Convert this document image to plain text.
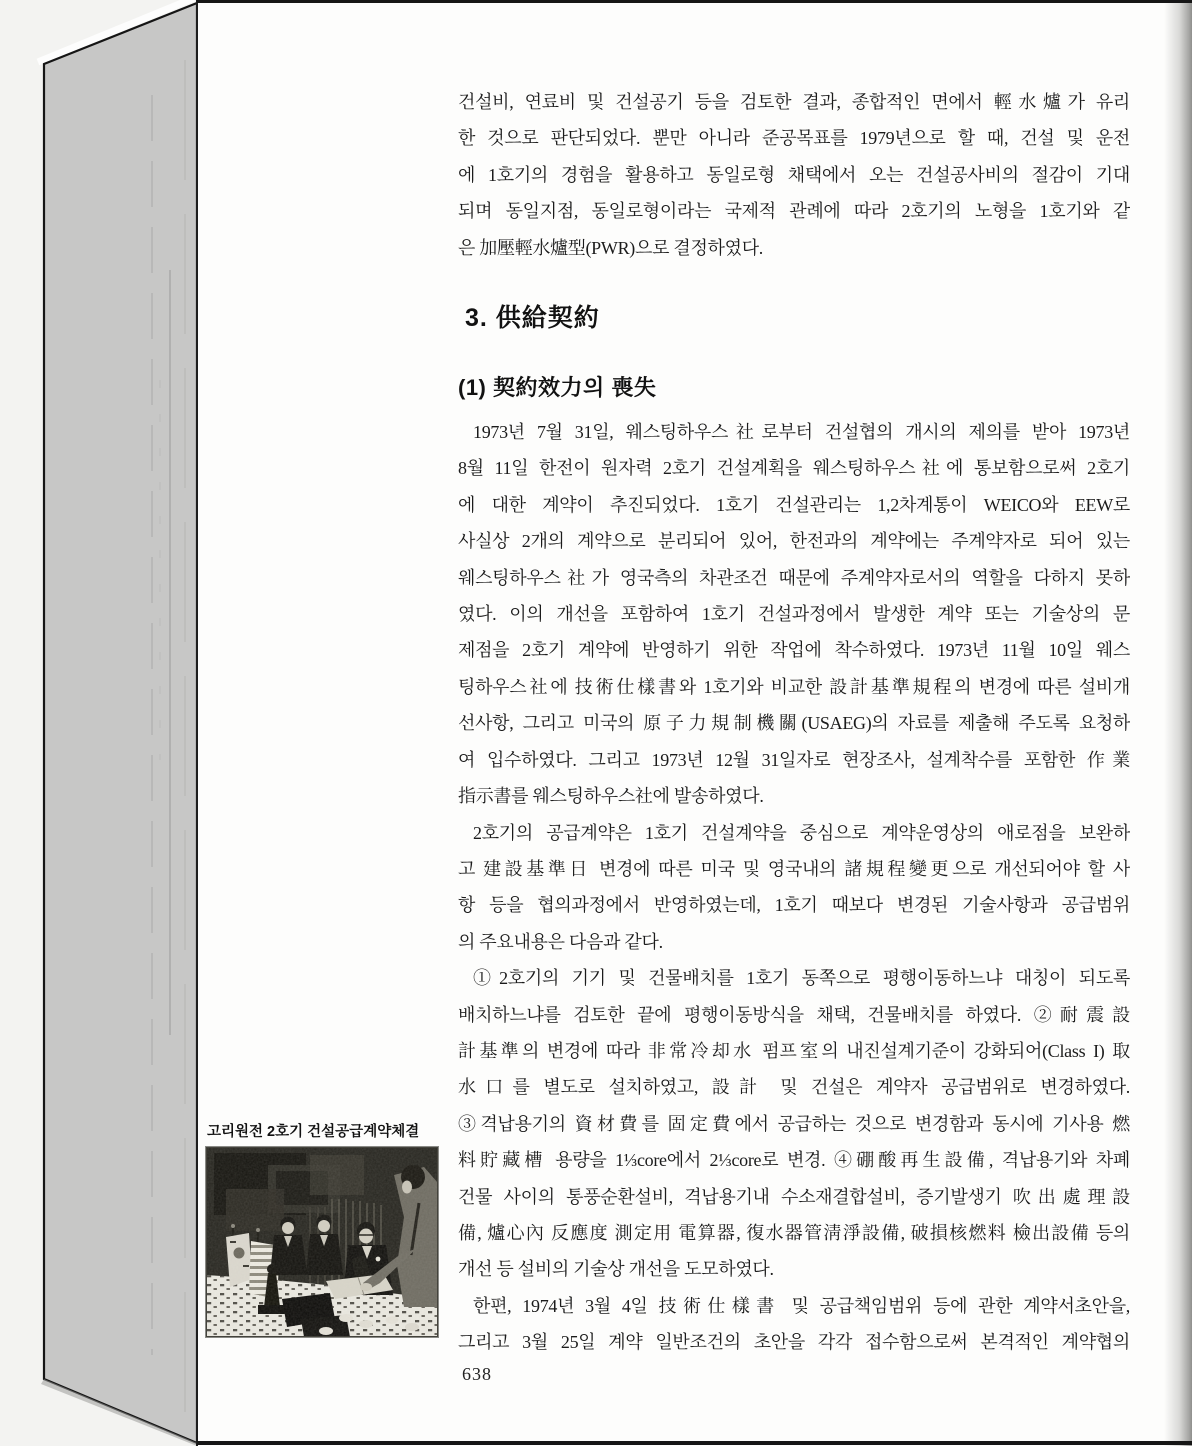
건설비, 연료비 및 건설공기 등을 검토한 결과, 종합적인 면에서 輕水爐가 유리
한 것으로 판단되었다. 뿐만 아니라 준공목표를 1979년으로 할 때, 건설 및 운전
에 1호기의 경험을 활용하고 동일로형 채택에서 오는 건설공사비의 절감이 기대
되며 동일지점, 동일로형이라는 국제적 관례에 따라 2호기의 노형을 1호기와 같
은 加壓輕水爐型(PWR)으로 결정하였다.
3. 供給契約
(1) 契約效力의 喪失
1973년 7월 31일, 웨스팅하우스社로부터 건설협의 개시의 제의를 받아 1973년
8월 11일 한전이 원자력 2호기 건설계획을 웨스팅하우스社에 통보함으로써 2호기
에 대한 계약이 추진되었다. 1호기 건설관리는 1,2차계통이 WEICO와 EEW로
사실상 2개의 계약으로 분리되어 있어, 한전과의 계약에는 주계약자로 되어 있는
웨스팅하우스社가 영국측의 차관조건 때문에 주계약자로서의 역할을 다하지 못하
였다. 이의 개선을 포함하여 1호기 건설과정에서 발생한 계약 또는 기술상의 문
제점을 2호기 계약에 반영하기 위한 작업에 착수하였다. 1973년 11월 10일 웨스
팅하우스社에 技術仕樣書와 1호기와 비교한 設計基準規程의 변경에 따른 설비개
선사항, 그리고 미국의 原子力規制機關(USAEG)의 자료를 제출해 주도록 요청하
여 입수하였다. 그리고 1973년 12월 31일자로 현장조사, 설계착수를 포함한 作業
指示書를 웨스팅하우스社에 발송하였다.
2호기의 공급계약은 1호기 건설계약을 중심으로 계약운영상의 애로점을 보완하
고 建設基準日 변경에 따른 미국 및 영국내의 諸規程變更으로 개선되어야 할 사
항 등을 협의과정에서 반영하였는데, 1호기 때보다 변경된 기술사항과 공급범위
의 주요내용은 다음과 같다.
①2호기의 기기 및 건물배치를 1호기 동쪽으로 평행이동하느냐 대칭이 되도록
배치하느냐를 검토한 끝에 평행이동방식을 채택, 건물배치를 하였다. ②耐震設
計基準의 변경에 따라 非常冷却水 펌프室의 내진설계기준이 강화되어(Class I) 取
水口를 별도로 설치하였고, 設計 및 건설은 계약자 공급범위로 변경하였다.
③격납용기의 資材費를 固定費에서 공급하는 것으로 변경함과 동시에 기사용 燃
料貯藏槽 용량을 1⅓core에서 2⅓core로 변경. ④硼酸再生設備, 격납용기와 차폐
건물 사이의 통풍순환설비, 격납용기내 수소재결합설비, 증기발생기 吹出處理設
備, 爐心內 反應度 測定用 電算器, 復水器管淸淨設備, 破損核燃料 檢出設備 등의
개선 등 설비의 기술상 개선을 도모하였다.
한편, 1974년 3월 4일 技術仕樣書 및 공급책임범위 등에 관한 계약서초안을,
그리고 3월 25일 계약 일반조건의 초안을 각각 접수함으로써 본격적인 계약협의
638
고리원전 2호기 건설공급계약체결
